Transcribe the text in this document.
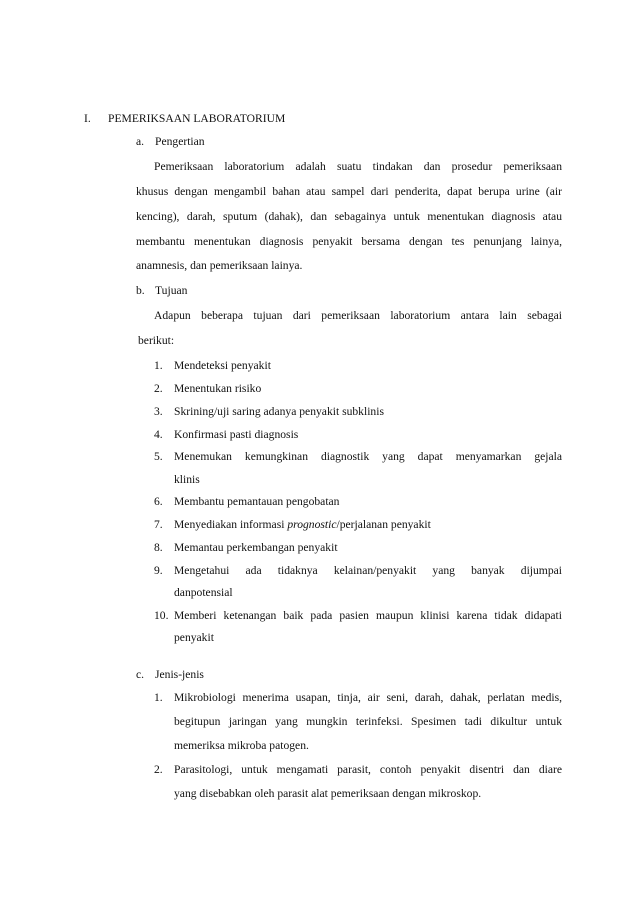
I. PEMERIKSAAN LABORATORIUM
a. Pengertian
Pemeriksaan laboratorium adalah suatu tindakan dan prosedur pemeriksaan
khusus dengan mengambil bahan atau sampel dari penderita, dapat berupa urine (air
kencing), darah, sputum (dahak), dan sebagainya untuk menentukan diagnosis atau
membantu menentukan diagnosis penyakit bersama dengan tes penunjang lainya,
anamnesis, dan pemeriksaan lainya.
b. Tujuan
Adapun beberapa tujuan dari pemeriksaan laboratorium antara lain sebagai
berikut:
1. Mendeteksi penyakit
2. Menentukan risiko
3. Skrining/uji saring adanya penyakit subklinis
4. Konfirmasi pasti diagnosis
5. Menemukan kemungkinan diagnostik yang dapat menyamarkan gejala
klinis
6. Membantu pemantauan pengobatan
7. Menyediakan informasi prognostic/perjalanan penyakit
8. Memantau perkembangan penyakit
9. Mengetahui ada tidaknya kelainan/penyakit yang banyak dijumpai
danpotensial
10. Memberi ketenangan baik pada pasien maupun klinisi karena tidak didapati
penyakit
c. Jenis-jenis
1. Mikrobiologi menerima usapan, tinja, air seni, darah, dahak, perlatan medis,
begitupun jaringan yang mungkin terinfeksi. Spesimen tadi dikultur untuk
memeriksa mikroba patogen.
2. Parasitologi, untuk mengamati parasit, contoh penyakit disentri dan diare
yang disebabkan oleh parasit alat pemeriksaan dengan mikroskop.
